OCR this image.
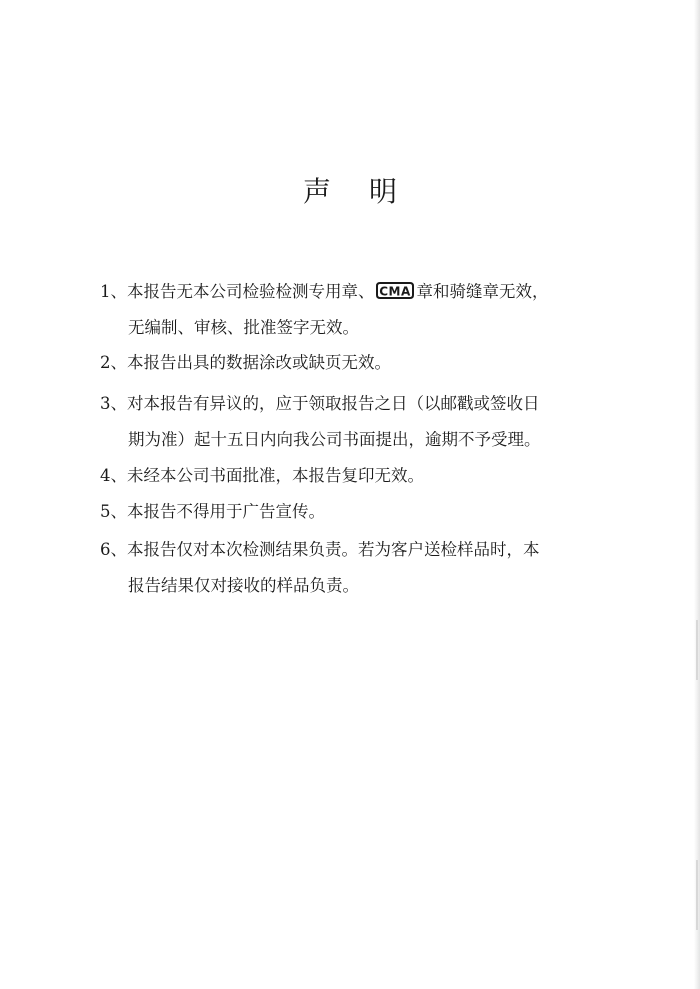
声 明
1、本报告无本公司检验检测专用章、 CMA 章和骑缝章无效，
无编制、审核、批准签字无效。
2、本报告出具的数据涂改或缺页无效。
3、对本报告有异议的，应于领取报告之日（以邮戳或签收日
期为准）起十五日内向我公司书面提出，逾期不予受理。
4、未经本公司书面批准，本报告复印无效。
5、本报告不得用于广告宣传。
6、本报告仅对本次检测结果负责。若为客户送检样品时，本
报告结果仅对接收的样品负责。
